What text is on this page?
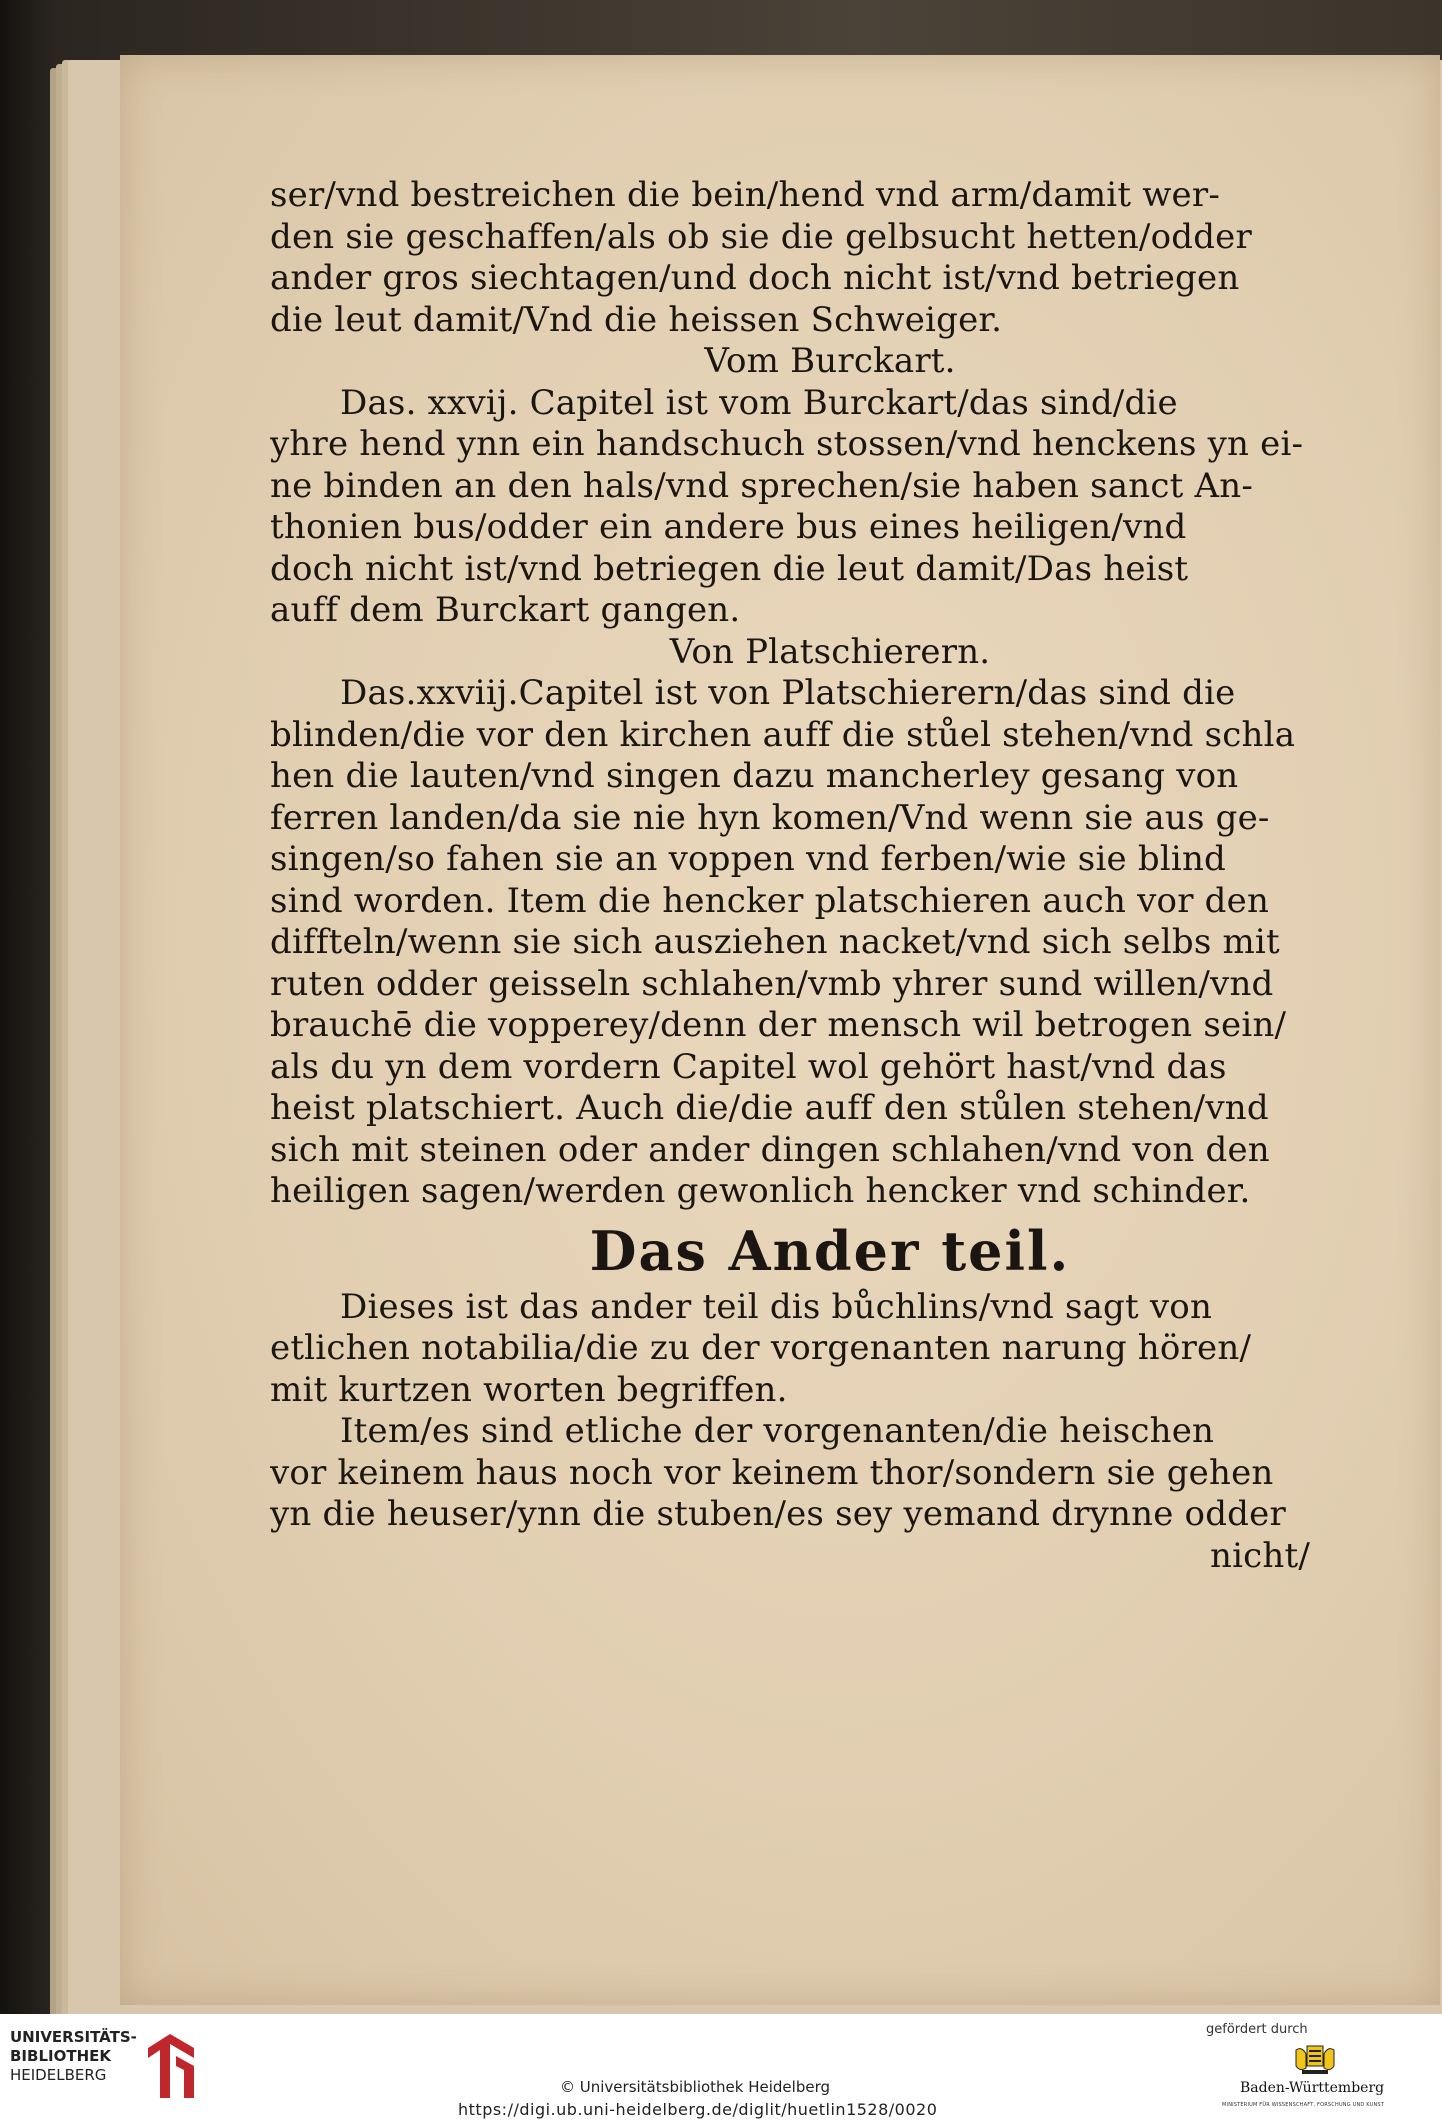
ser/vnd bestreichen die bein/hend vnd arm/damit wer-
den sie geschaffen/als ob sie die gelbsucht hetten/odder
ander gros siechtagen/und doch nicht ist/vnd betriegen
die leut damit/Vnd die heissen Schweiger.
Vom Burckart.
Das. xxvij. Capitel ist vom Burckart/das sind/die
yhre hend ynn ein handschuch stossen/vnd henckens yn ei-
ne binden an den hals/vnd sprechen/sie haben sanct An-
thonien bus/odder ein andere bus eines heiligen/vnd
doch nicht ist/vnd betriegen die leut damit/Das heist
auff dem Burckart gangen.
Von Platschierern.
Das.xxviij.Capitel ist von Platschierern/das sind die
blinden/die vor den kirchen auff die stůel stehen/vnd schla
hen die lauten/vnd singen dazu mancherley gesang von
ferren landen/da sie nie hyn komen/Vnd wenn sie aus ge-
singen/so fahen sie an voppen vnd ferben/wie sie blind
sind worden. Item die hencker platschieren auch vor den
diffteln/wenn sie sich ausziehen nacket/vnd sich selbs mit
ruten odder geisseln schlahen/vmb yhrer sund willen/vnd
brauchē die vopperey/denn der mensch wil betrogen sein/
als du yn dem vordern Capitel wol gehört hast/vnd das
heist platschiert. Auch die/die auff den stůlen stehen/vnd
sich mit steinen oder ander dingen schlahen/vnd von den
heiligen sagen/werden gewonlich hencker vnd schinder.
Das Ander teil.
Dieses ist das ander teil dis bůchlins/vnd sagt von
etlichen notabilia/die zu der vorgenanten narung hören/
mit kurtzen worten begriffen.
Item/es sind etliche der vorgenanten/die heischen
vor keinem haus noch vor keinem thor/sondern sie gehen
yn die heuser/ynn die stuben/es sey yemand drynne odder
nicht/
UNIVERSITÄTS-
BIBLIOTHEK
HEIDELBERG
© Universitätsbibliothek Heidelberg
https://digi.ub.uni-heidelberg.de/diglit/huetlin1528/0020
gefördert durch
Baden-Württemberg
MINISTERIUM FÜR WISSENSCHAFT, FORSCHUNG UND KUNST
